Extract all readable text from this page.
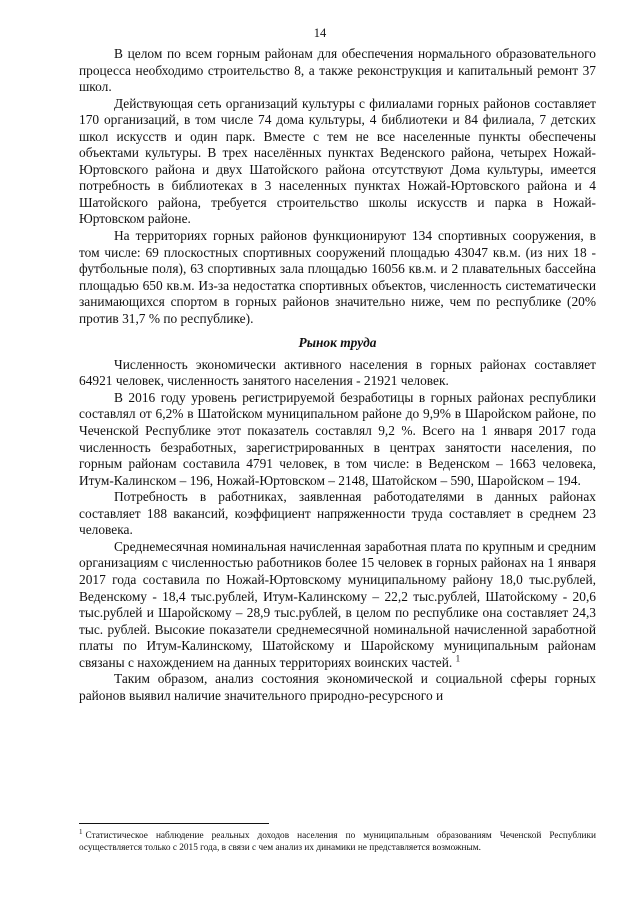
14

В целом по всем горным районам для обеспечения нормального образовательного процесса необходимо строительство 8, а также реконструкция и капитальный ремонт 37 школ.

Действующая сеть организаций культуры с филиалами горных районов составляет 170 организаций, в том числе 74 дома культуры, 4 библиотеки и 84 филиала, 7 детских школ искусств и один парк. Вместе с тем не все населенные пункты обеспечены объектами культуры. В трех населённых пунктах Веденского района, четырех Ножай-Юртовского района и двух Шатойского района отсутствуют Дома культуры, имеется потребность в библиотеках в 3 населенных пунктах Ножай-Юртовского района и 4 Шатойского района, требуется строительство школы искусств и парка в Ножай-Юртовском районе.

На территориях горных районов функционируют 134 спортивных сооружения, в том числе: 69 плоскостных спортивных сооружений площадью 43047 кв.м. (из них 18 - футбольные поля), 63 спортивных зала площадью 16056 кв.м. и 2 плавательных бассейна площадью 650 кв.м. Из-за недостатка спортивных объектов, численность систематически занимающихся спортом в горных районов значительно ниже, чем по республике (20% против 31,7 % по республике).

Рынок труда

Численность экономически активного населения в горных районах составляет 64921 человек, численность занятого населения - 21921 человек.

В 2016 году уровень регистрируемой безработицы в горных районах республики составлял от 6,2% в Шатойском муниципальном районе до 9,9% в Шаройском районе, по Чеченской Республике этот показатель составлял 9,2 %. Всего на 1 января 2017 года численность безработных, зарегистрированных в центрах занятости населения, по горным районам составила 4791 человек, в том числе: в Веденском – 1663 человека, Итум-Калинском – 196, Ножай-Юртовском – 2148, Шатойском – 590, Шаройском – 194.

Потребность в работниках, заявленная работодателями в данных районах составляет 188 вакансий, коэффициент напряженности труда составляет в среднем 23 человека.

Среднемесячная номинальная начисленная заработная плата по крупным и средним организациям с численностью работников более 15 человек в горных районах на 1 января 2017 года составила по Ножай-Юртовскому муниципальному району 18,0 тыс.рублей, Веденскому - 18,4 тыс.рублей, Итум-Калинскому – 22,2 тыс.рублей, Шатойскому - 20,6 тыс.рублей и Шаройскому – 28,9 тыс.рублей, в целом по республике она составляет 24,3 тыс. рублей. Высокие показатели среднемесячной номинальной начисленной заработной платы по Итум-Калинскому, Шатойскому и Шаройскому муниципальным районам связаны с нахождением на данных территориях воинских частей. $^1$

Таким образом, анализ состояния экономической и социальной сферы горных районов выявил наличие значительного природно-ресурсного и

$^1$ Статистическое наблюдение реальных доходов населения по муниципальным образованиям Чеченской Республики осуществляется только с 2015 года, в связи с чем анализ их динамики не представляется возможным.
